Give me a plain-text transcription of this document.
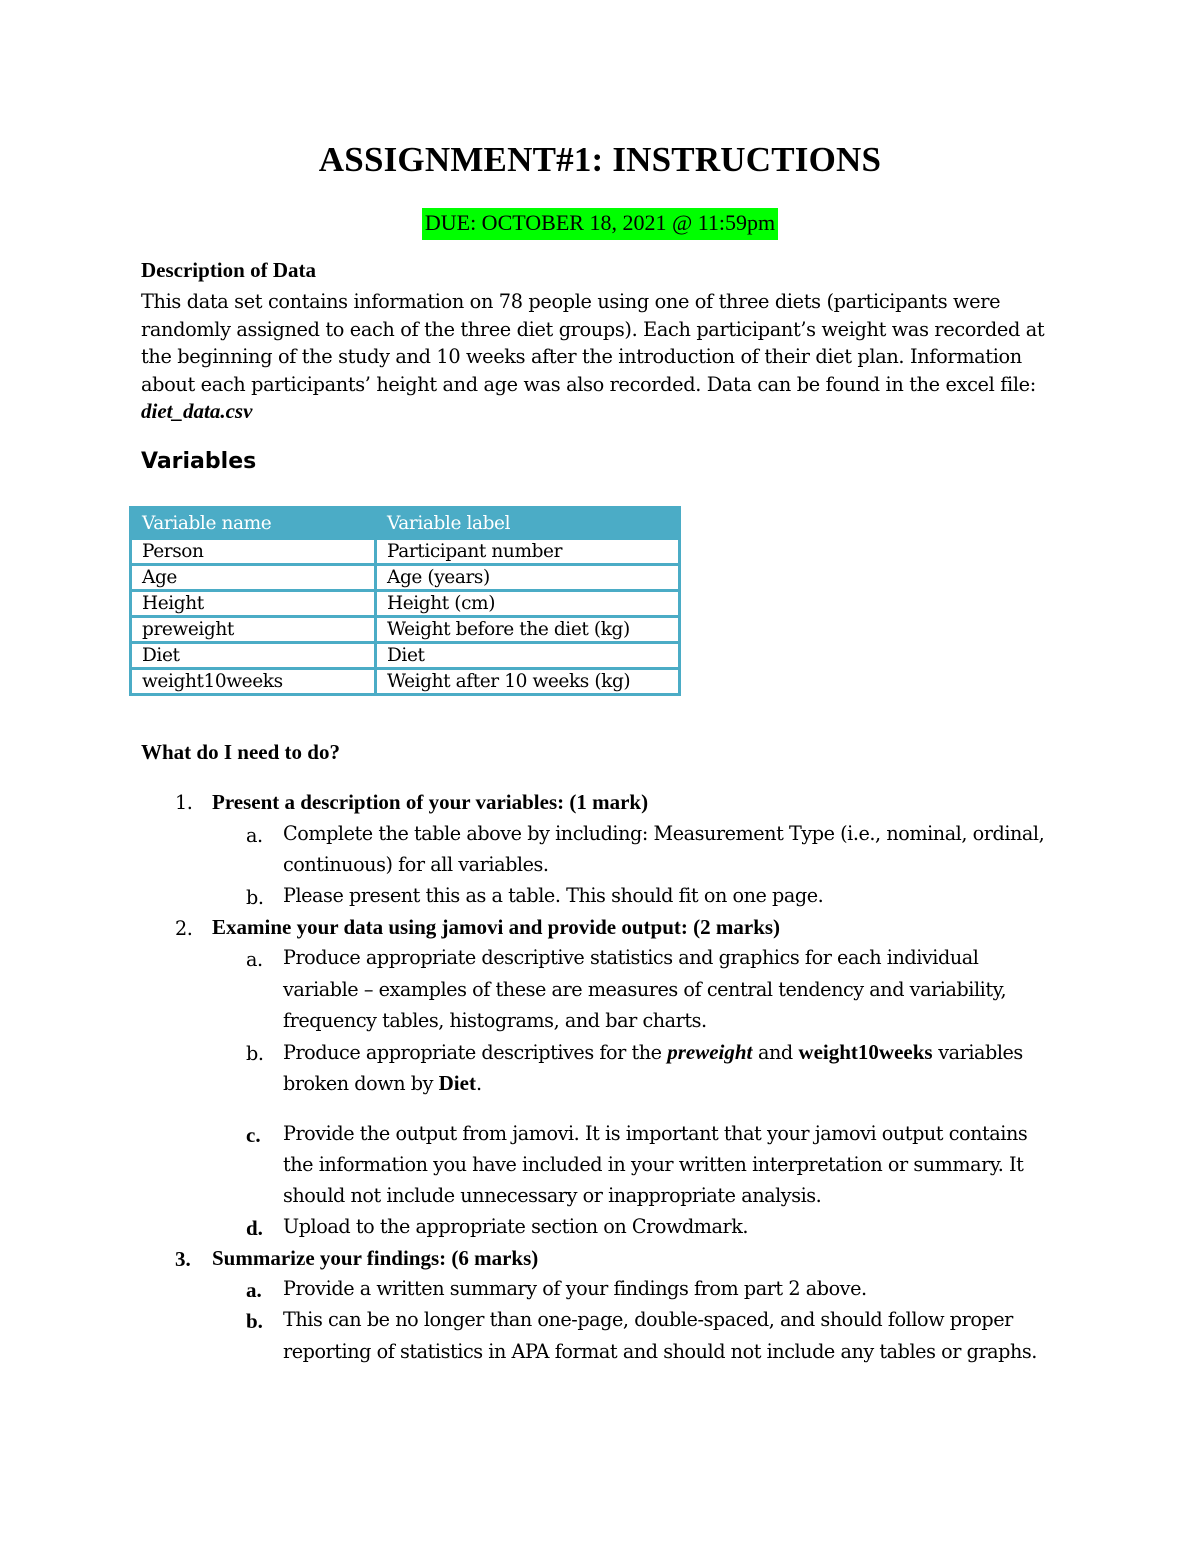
ASSIGNMENT#1: INSTRUCTIONS
DUE: OCTOBER 18, 2021 @ 11:59pm
Description of Data

This data set contains information on 78 people using one of three diets (participants were

randomly assigned to each of the three diet groups). Each participant’s weight was recorded at

the beginning of the study and 10 weeks after the introduction of their diet plan. Information

about each participants’ height and age was also recorded. Data can be found in the excel file:

diet_data.csv

Variables
Variable name	Variable label
Person	Participant number
Age	Age (years)
Height	Height (cm)
preweight	Weight before the diet (kg)
Diet	Diet
weight10weeks	Weight after 10 weeks (kg)
What do I need to do?
1. Present a description of your variables: (1 mark)
a. Complete the table above by including: Measurement Type (i.e., nominal, ordinal,
continuous) for all variables.
b. Please present this as a table. This should fit on one page.
2. Examine your data using jamovi and provide output: (2 marks)
a. Produce appropriate descriptive statistics and graphics for each individual
variable – examples of these are measures of central tendency and variability,
frequency tables, histograms, and bar charts.
b. Produce appropriate descriptives for the preweight and weight10weeks variables
broken down by Diet.
c. Provide the output from jamovi. It is important that your jamovi output contains
the information you have included in your written interpretation or summary. It
should not include unnecessary or inappropriate analysis.
d. Upload to the appropriate section on Crowdmark.
3. Summarize your findings: (6 marks)
a. Provide a written summary of your findings from part 2 above.
b. This can be no longer than one-page, double-spaced, and should follow proper
reporting of statistics in APA format and should not include any tables or graphs.
